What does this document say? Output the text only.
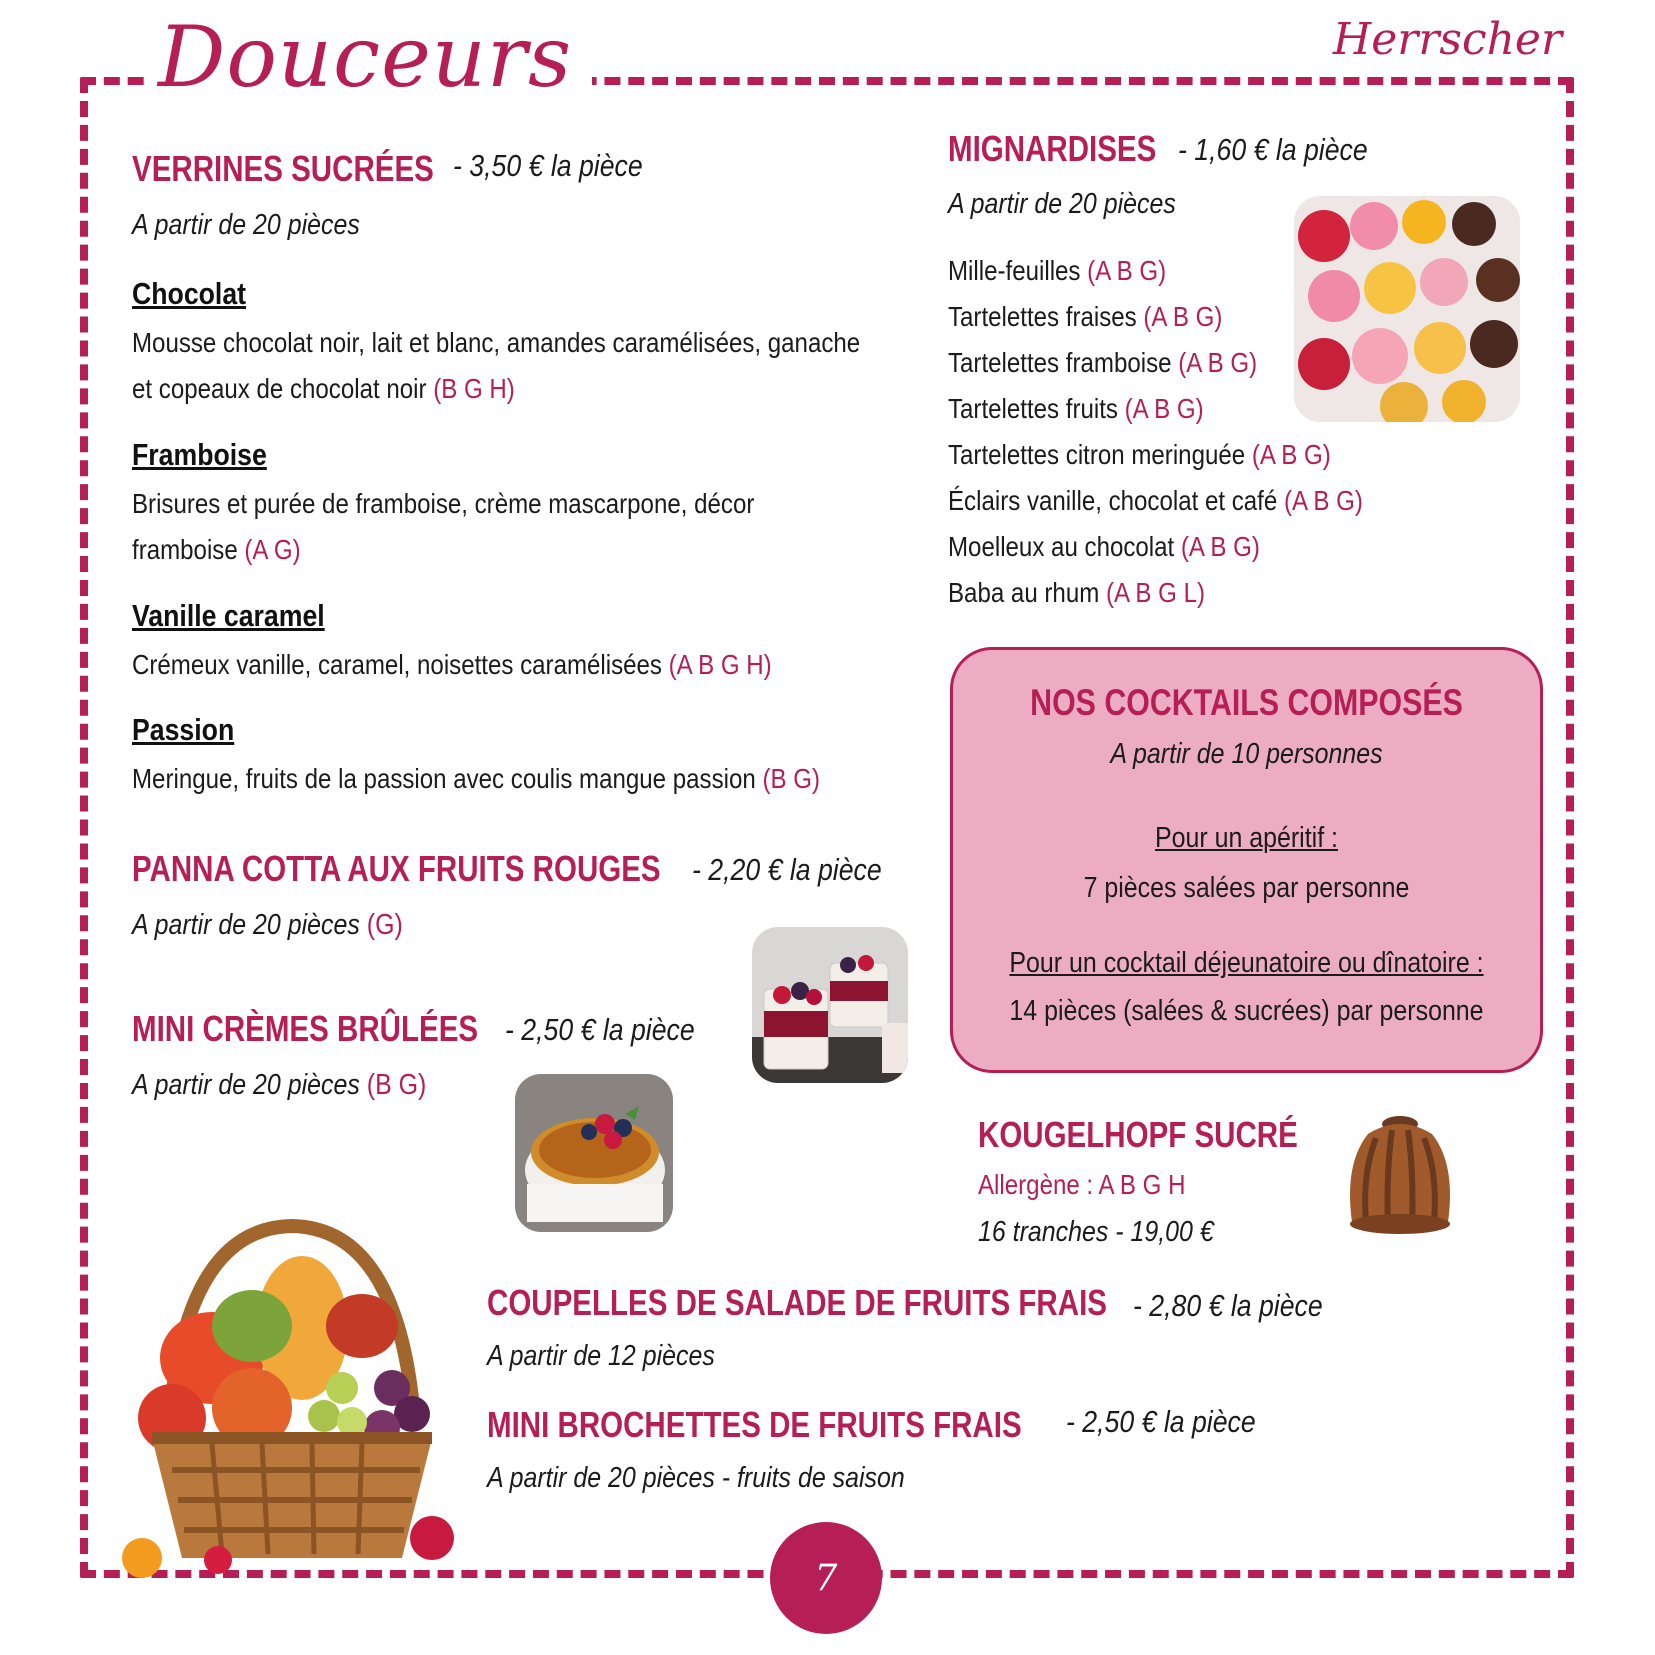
Douceurs	Herrscher
VERRINES SUCRÉES - 3,50 € la pièce
A partir de 20 pièces
Chocolat
Mousse chocolat noir, lait et blanc, amandes caramélisées, ganache
et copeaux de chocolat noir (B G H)
Framboise
Brisures et purée de framboise, crème mascarpone, décor
framboise (A G)
Vanille caramel
Crémeux vanille, caramel, noisettes caramélisées (A B G H)
Passion
Meringue, fruits de la passion avec coulis mangue passion (B G)
PANNA COTTA AUX FRUITS ROUGES - 2,20 € la pièce
A partir de 20 pièces (G)
MINI CRÈMES BRÛLÉES - 2,50 € la pièce
A partir de 20 pièces (B G)
MIGNARDISES - 1,60 € la pièce
A partir de 20 pièces
Mille-feuilles (A B G)
Tartelettes fraises (A B G)
Tartelettes framboise (A B G)
Tartelettes fruits (A B G)
Tartelettes citron meringuée (A B G)
Éclairs vanille, chocolat et café (A B G)
Moelleux au chocolat (A B G)
Baba au rhum (A B G L)
NOS COCKTAILS COMPOSÉS
A partir de 10 personnes
Pour un apéritif :
7 pièces salées par personne
Pour un cocktail déjeunatoire ou dînatoire :
14 pièces (salées & sucrées) par personne
KOUGELHOPF SUCRÉ
Allergène : A B G H
16 tranches - 19,00 €
COUPELLES DE SALADE DE FRUITS FRAIS - 2,80 € la pièce
A partir de 12 pièces
MINI BROCHETTES DE FRUITS FRAIS - 2,50 € la pièce
A partir de 20 pièces - fruits de saison
7
